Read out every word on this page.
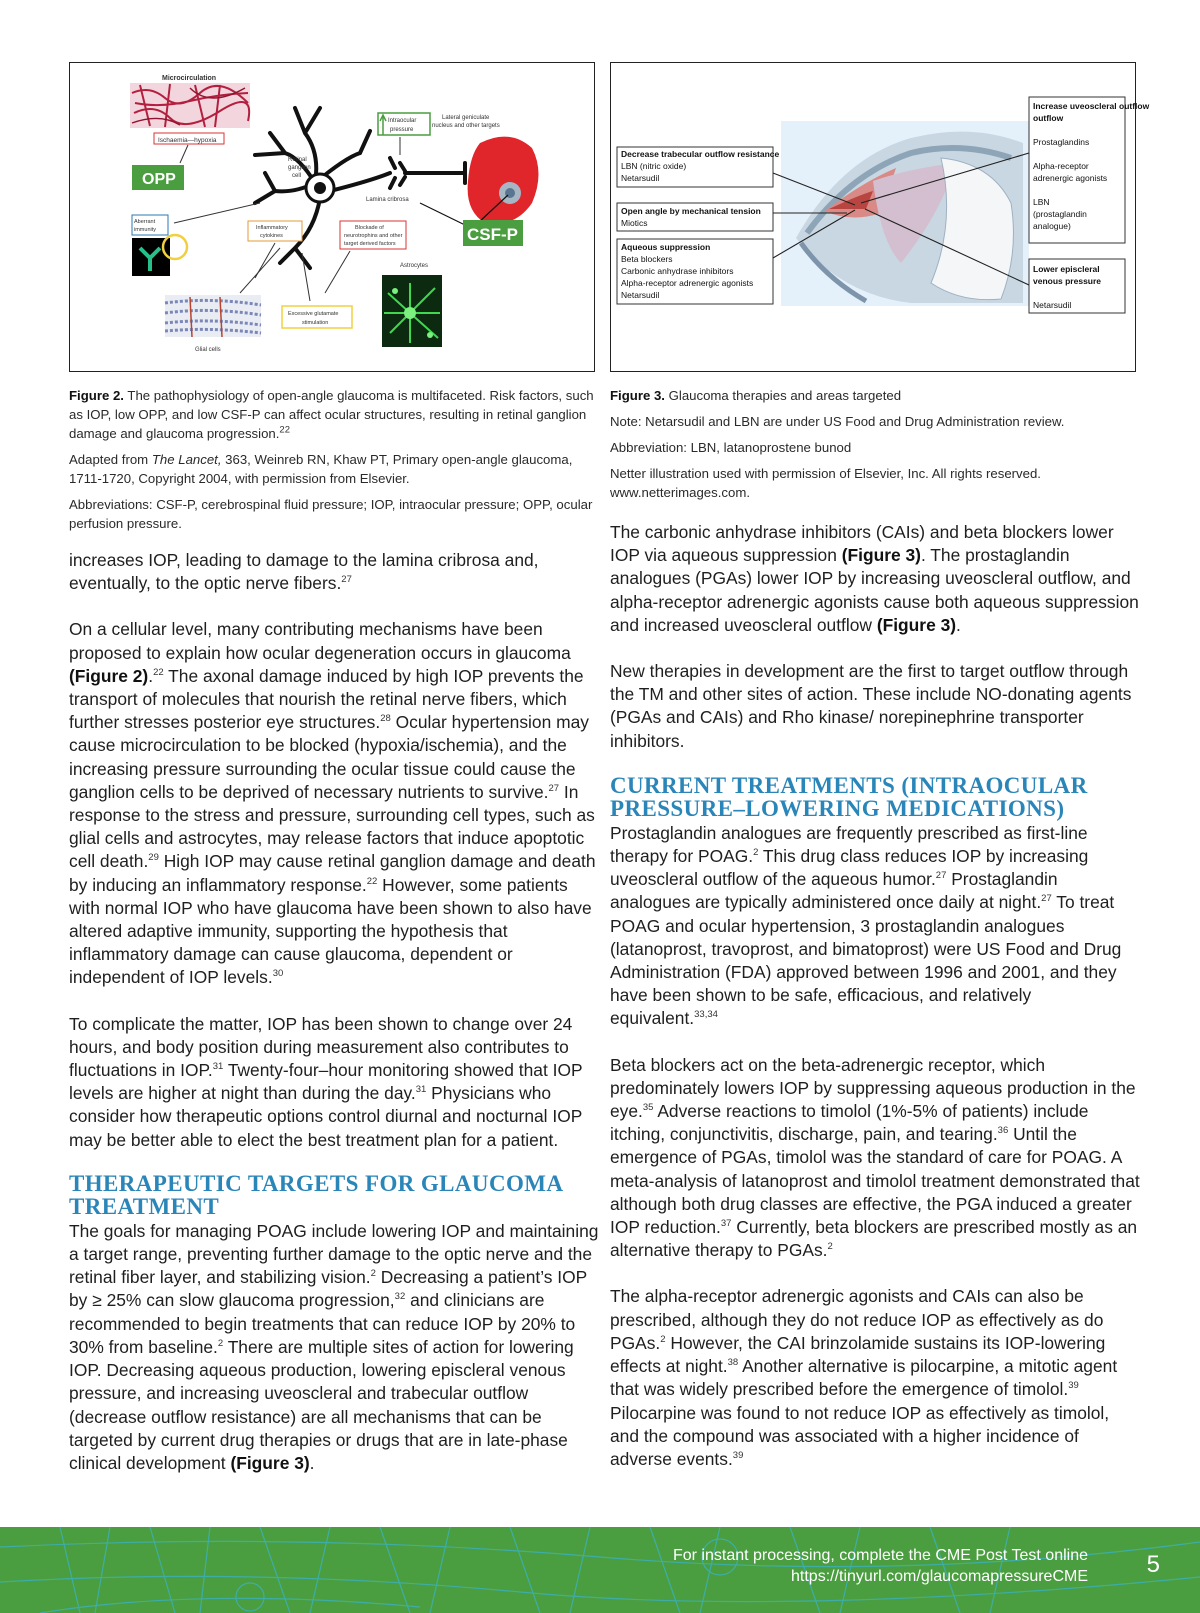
Microcirculation
Ischaemia—hypoxia
OPP
Retinal
ganglion
cell
Intraocular
pressure
Lateral geniculate
nucleus and other targets
Lamina cribrosa
CSF-P
Aberrant
immunity	Inflammatory
cytokines
Blockade of
neurotrophins and other
target derived factors
Astrocytes
Glial cells
Excessive glutamate
stimulation
Decrease trabecular outflow resistance
LBN (nitric oxide)
Netarsudil
Open angle by mechanical tension
Miotics
Aqueous suppression
Beta blockers
Carbonic anhydrase inhibitors
Alpha-receptor adrenergic agonists
Netarsudil
Increase uveoscleral outflow
outflow
Prostaglandins
Alpha-receptor
adrenergic agonists
LBN
(prostaglandin
analogue)
Lower episcleral
venous pressure
Netarsudil

Figure 2. The pathophysiology of open-angle glaucoma is multifaceted. Risk factors, such as IOP, low OPP, and low CSF-P can affect ocular structures, resulting in retinal ganglion damage and glaucoma progression.$^{22}$

Adapted from The Lancet, 363, Weinreb RN, Khaw PT, Primary open-angle glaucoma, 1711-1720, Copyright 2004, with permission from Elsevier.

Abbreviations: CSF-P, cerebrospinal fluid pressure; IOP, intraocular pressure; OPP, ocular perfusion pressure.

Figure 3. Glaucoma therapies and areas targeted

Note: Netarsudil and LBN are under US Food and Drug Administration review.

Abbreviation: LBN, latanoprostene bunod

Netter illustration used with permission of Elsevier, Inc. All rights reserved. www.netterimages.com.

increases IOP, leading to damage to the lamina cribrosa and, eventually, to the optic nerve fibers.$^{27}$

On a cellular level, many contributing mechanisms have been proposed to explain how ocular degeneration occurs in glaucoma (Figure 2).$^{22}$ The axonal damage induced by high IOP prevents the transport of molecules that nourish the retinal nerve fibers, which further stresses posterior eye structures.$^{28}$ Ocular hypertension may cause microcirculation to be blocked (hypoxia/ischemia), and the increasing pressure surrounding the ocular tissue could cause the ganglion cells to be deprived of necessary nutrients to survive.$^{27}$ In response to the stress and pressure, surrounding cell types, such as glial cells and astrocytes, may release factors that induce apoptotic cell death.$^{29}$ High IOP may cause retinal ganglion damage and death by inducing an inflammatory response.$^{22}$ However, some patients with normal IOP who have glaucoma have been shown to also have altered adaptive immunity, supporting the hypothesis that inflammatory damage can cause glaucoma, dependent or independent of IOP levels.$^{30}$

To complicate the matter, IOP has been shown to change over 24 hours, and body position during measurement also contributes to fluctuations in IOP.$^{31}$ Twenty-four–hour monitoring showed that IOP levels are higher at night than during the day.$^{31}$ Physicians who consider how therapeutic options control diurnal and nocturnal IOP may be better able to elect the best treatment plan for a patient.

THERAPEUTIC TARGETS FOR GLAUCOMA TREATMENT

The goals for managing POAG include lowering IOP and maintaining a target range, preventing further damage to the optic nerve and the retinal fiber layer, and stabilizing vision.$^2$ Decreasing a patient’s IOP by ≥ 25% can slow glaucoma progression,$^{32}$ and clinicians are recommended to begin treatments that can reduce IOP by 20% to 30% from baseline.$^2$ There are multiple sites of action for lowering IOP. Decreasing aqueous production, lowering episcleral venous pressure, and increasing uveoscleral and trabecular outflow (decrease outflow resistance) are all mechanisms that can be targeted by current drug therapies or drugs that are in late-phase clinical development (Figure 3).

The carbonic anhydrase inhibitors (CAIs) and beta blockers lower IOP via aqueous suppression (Figure 3). The prostaglandin analogues (PGAs) lower IOP by increasing uveoscleral outflow, and alpha-receptor adrenergic agonists cause both aqueous suppression and increased uveoscleral outflow (Figure 3).

New therapies in development are the first to target outflow through the TM and other sites of action. These include NO-donating agents (PGAs and CAIs) and Rho kinase/ norepinephrine transporter inhibitors.

CURRENT TREATMENTS (INTRAOCULAR PRESSURE–LOWERING MEDICATIONS)

Prostaglandin analogues are frequently prescribed as first-line therapy for POAG.$^2$ This drug class reduces IOP by increasing uveoscleral outflow of the aqueous humor.$^{27}$ Prostaglandin analogues are typically administered once daily at night.$^{27}$ To treat POAG and ocular hypertension, 3 prostaglandin analogues (latanoprost, travoprost, and bimatoprost) were US Food and Drug Administration (FDA) approved between 1996 and 2001, and they have been shown to be safe, efficacious, and relatively equivalent.$^{33,34}$

Beta blockers act on the beta-adrenergic receptor, which predominately lowers IOP by suppressing aqueous production in the eye.$^{35}$ Adverse reactions to timolol (1%-5% of patients) include itching, conjunctivitis, discharge, pain, and tearing.$^{36}$ Until the emergence of PGAs, timolol was the standard of care for POAG. A meta-analysis of latanoprost and timolol treatment demonstrated that although both drug classes are effective, the PGA induced a greater IOP reduction.$^{37}$ Currently, beta blockers are prescribed mostly as an alternative therapy to PGAs.$^2$

The alpha-receptor adrenergic agonists and CAIs can also be prescribed, although they do not reduce IOP as effectively as do PGAs.$^2$ However, the CAI brinzolamide sustains its IOP-lowering effects at night.$^{38}$ Another alternative is pilocarpine, a mitotic agent that was widely prescribed before the emergence of timolol.$^{39}$ Pilocarpine was found to not reduce IOP as effectively as timolol, and the compound was associated with a higher incidence of adverse events.$^{39}$

For instant processing, complete the CME Post Test online
https://tinyurl.com/glaucomapressureCME 5
